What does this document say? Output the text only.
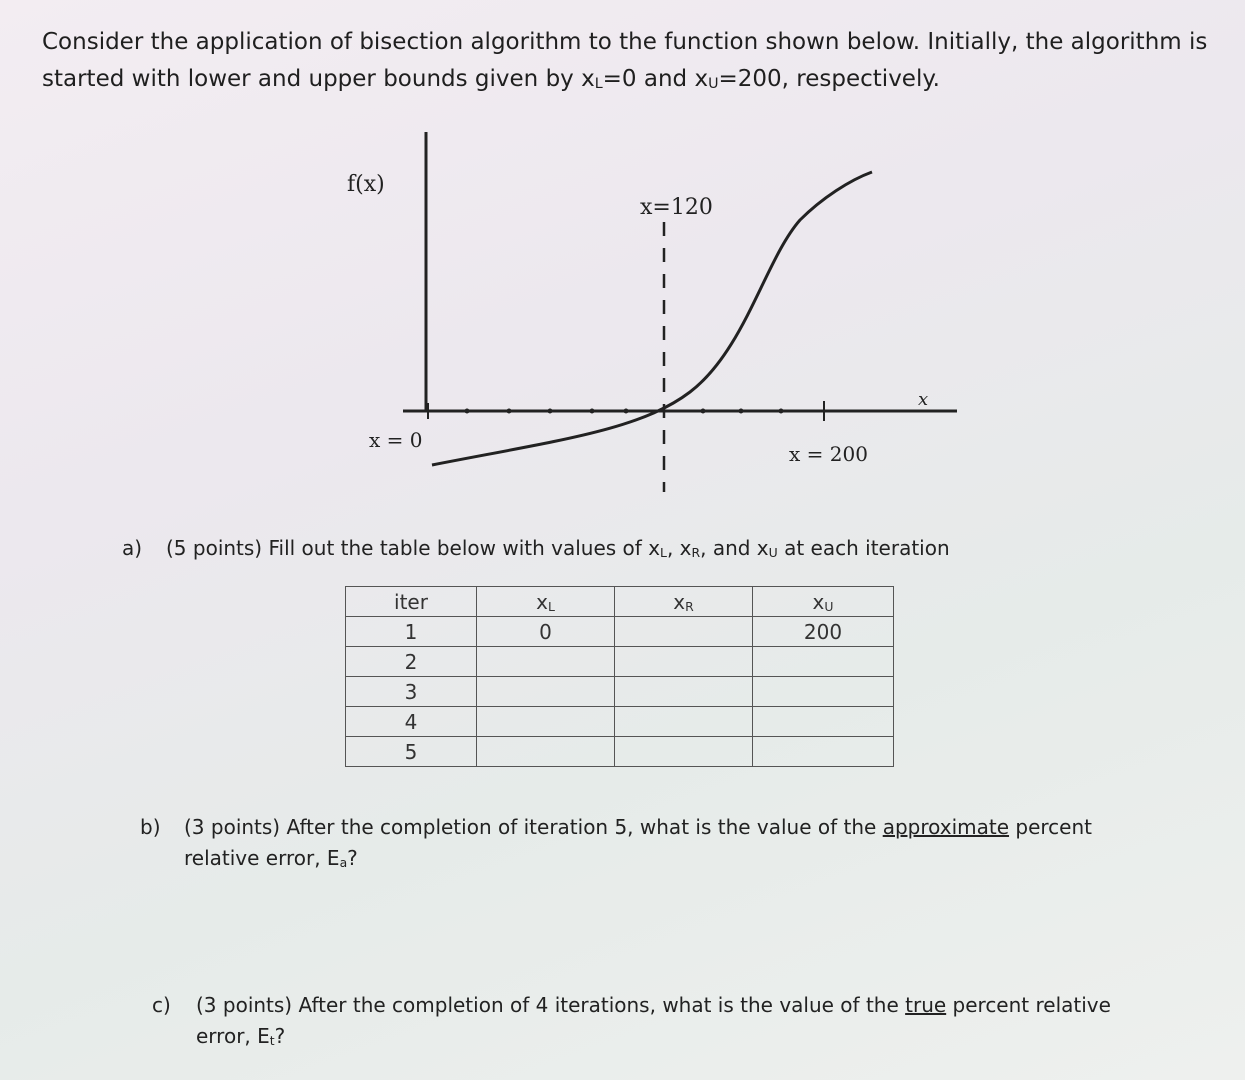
Consider the application of bisection algorithm to the function shown below. Initially, the algorithm is

started with lower and upper bounds given by $x_L=0$ and $x_U=200$, respectively.

f(x)
x=120
x
x = 0
x = 200
a) (5 points) Fill out the table below with values of $x_L$, $x_R$, and $x_U$ at each iteration
iter	$x_L$	$x_R$	$x_U$
1	0		200
2			
3			
4			
5			
b) (3 points) After the completion of iteration 5, what is the value of the approximate percent
relative error, $E_a$?
c) (3 points) After the completion of 4 iterations, what is the value of the true percent relative
error, $E_t$?
